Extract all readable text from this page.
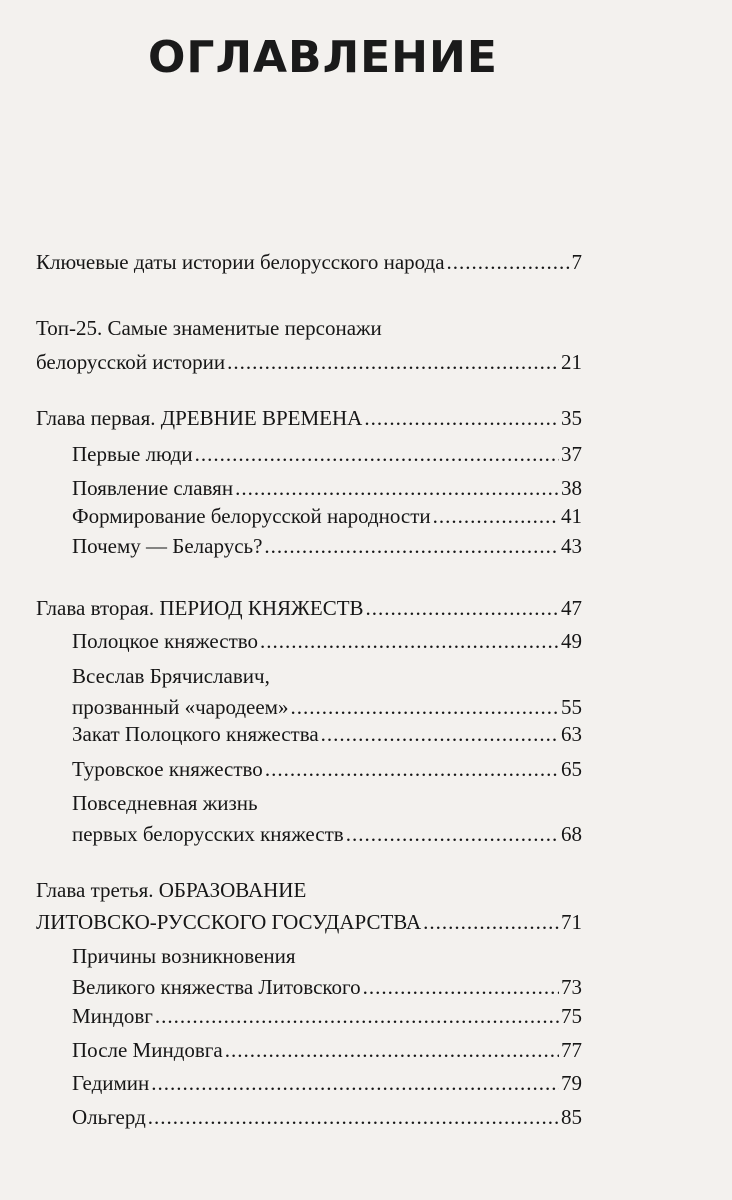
ОГЛАВЛЕНИЕ
Ключевые даты истории белорусского народа .....	7
Топ-25. Самые знаменитые персонажи
белорусской истории .....	21
Глава первая. ДРЕВНИЕ ВРЕМЕНА .....	35
Первые люди .....	37
Появление славян .....	38
Формирование белорусской народности .....	41
Почему — Беларусь? .....	43
Глава вторая. ПЕРИОД КНЯЖЕСТВ .....	47
Полоцкое княжество .....	49
Всеслав Брячиславич,
прозванный «чародеем» .....	55
Закат Полоцкого княжества .....	63
Туровское княжество .....	65
Повседневная жизнь
первых белорусских княжеств .....	68
Глава третья. ОБРАЗОВАНИЕ
ЛИТОВСКО-РУССКОГО ГОСУДАРСТВА .....	71
Причины возникновения
Великого княжества Литовского .....	73
Миндовг .....	75
После Миндовга .....	77
Гедимин .....	79
Ольгерд .....	85
